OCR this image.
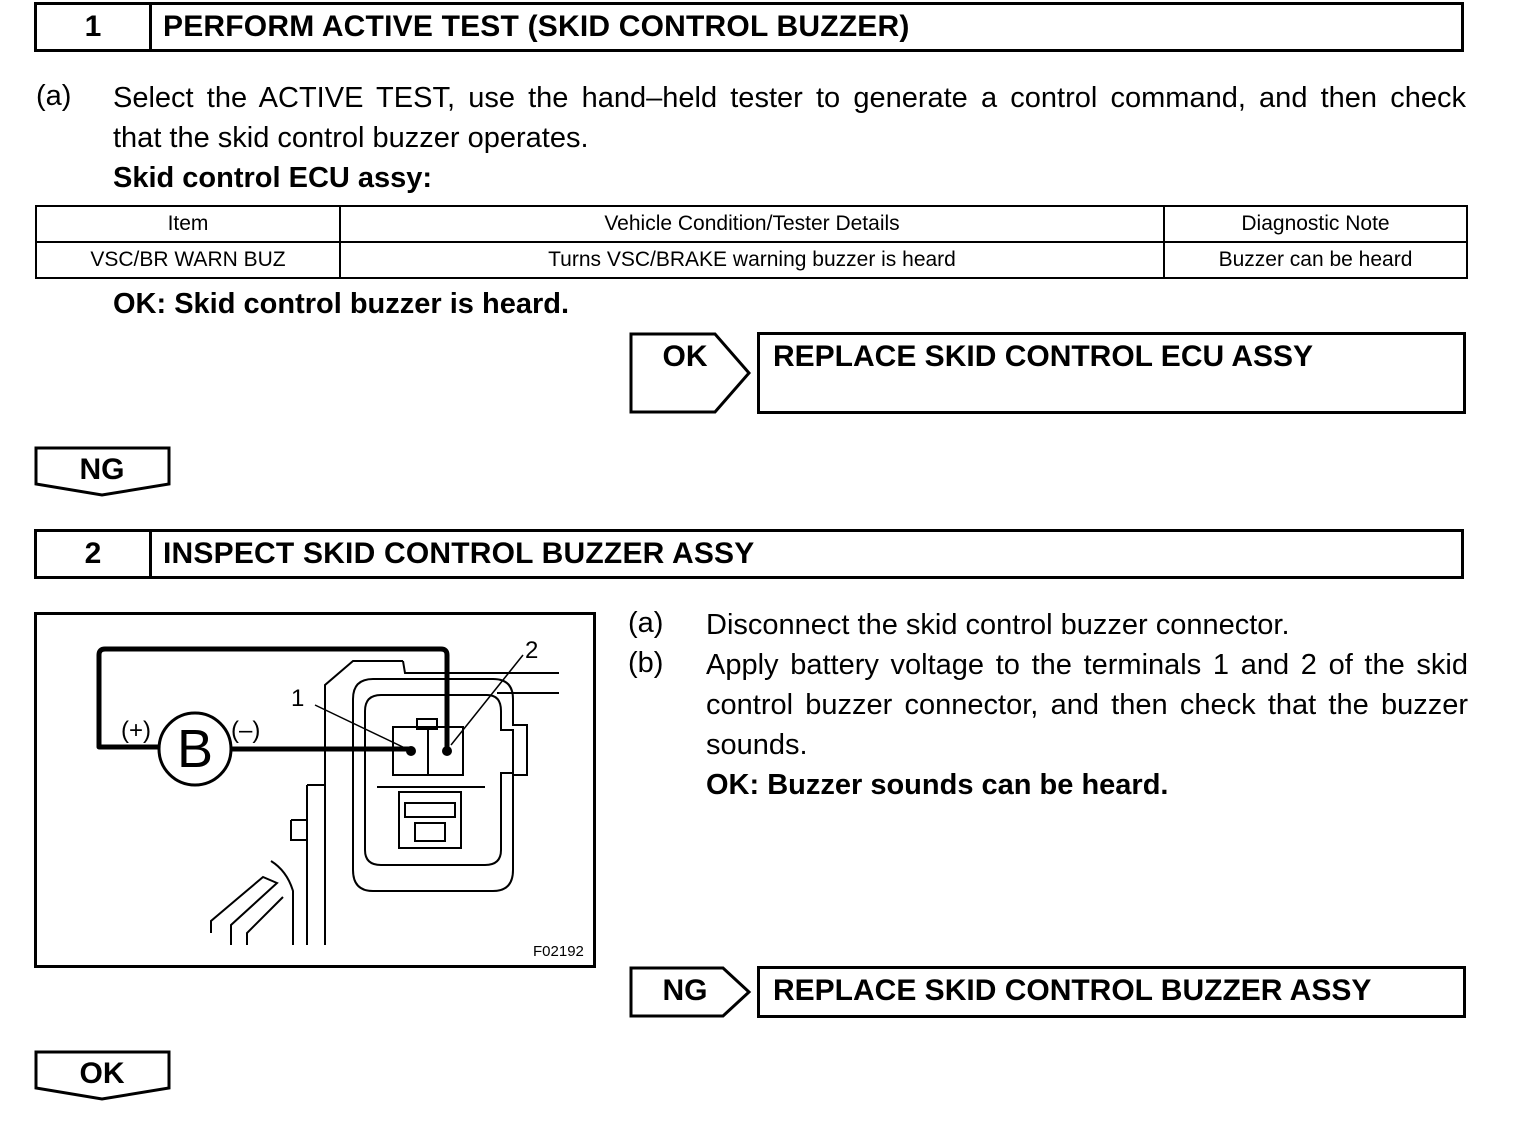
1	PERFORM ACTIVE TEST (SKID CONTROL BUZZER)
(a) Select the ACTIVE TEST, use the hand–held tester to generate a control command, and then check
that the skid control buzzer operates.
Skid control ECU assy:
Item	Vehicle Condition/Tester Details	Diagnostic Note
VSC/BR WARN BUZ	Turns VSC/BRAKE warning buzzer is heard	Buzzer can be heard
OK: Skid control buzzer is heard.
OK	REPLACE SKID CONTROL ECU ASSY
NG
2	INSPECT SKID CONTROL BUZZER ASSY
B
(+)	(–)
1
2
F02192
(a) Disconnect the skid control buzzer connector.
(b) Apply battery voltage to the terminals 1 and 2 of the skid
control buzzer connector, and then check that the buzzer
sounds.
OK: Buzzer sounds can be heard.
NG	REPLACE SKID CONTROL BUZZER ASSY
OK
